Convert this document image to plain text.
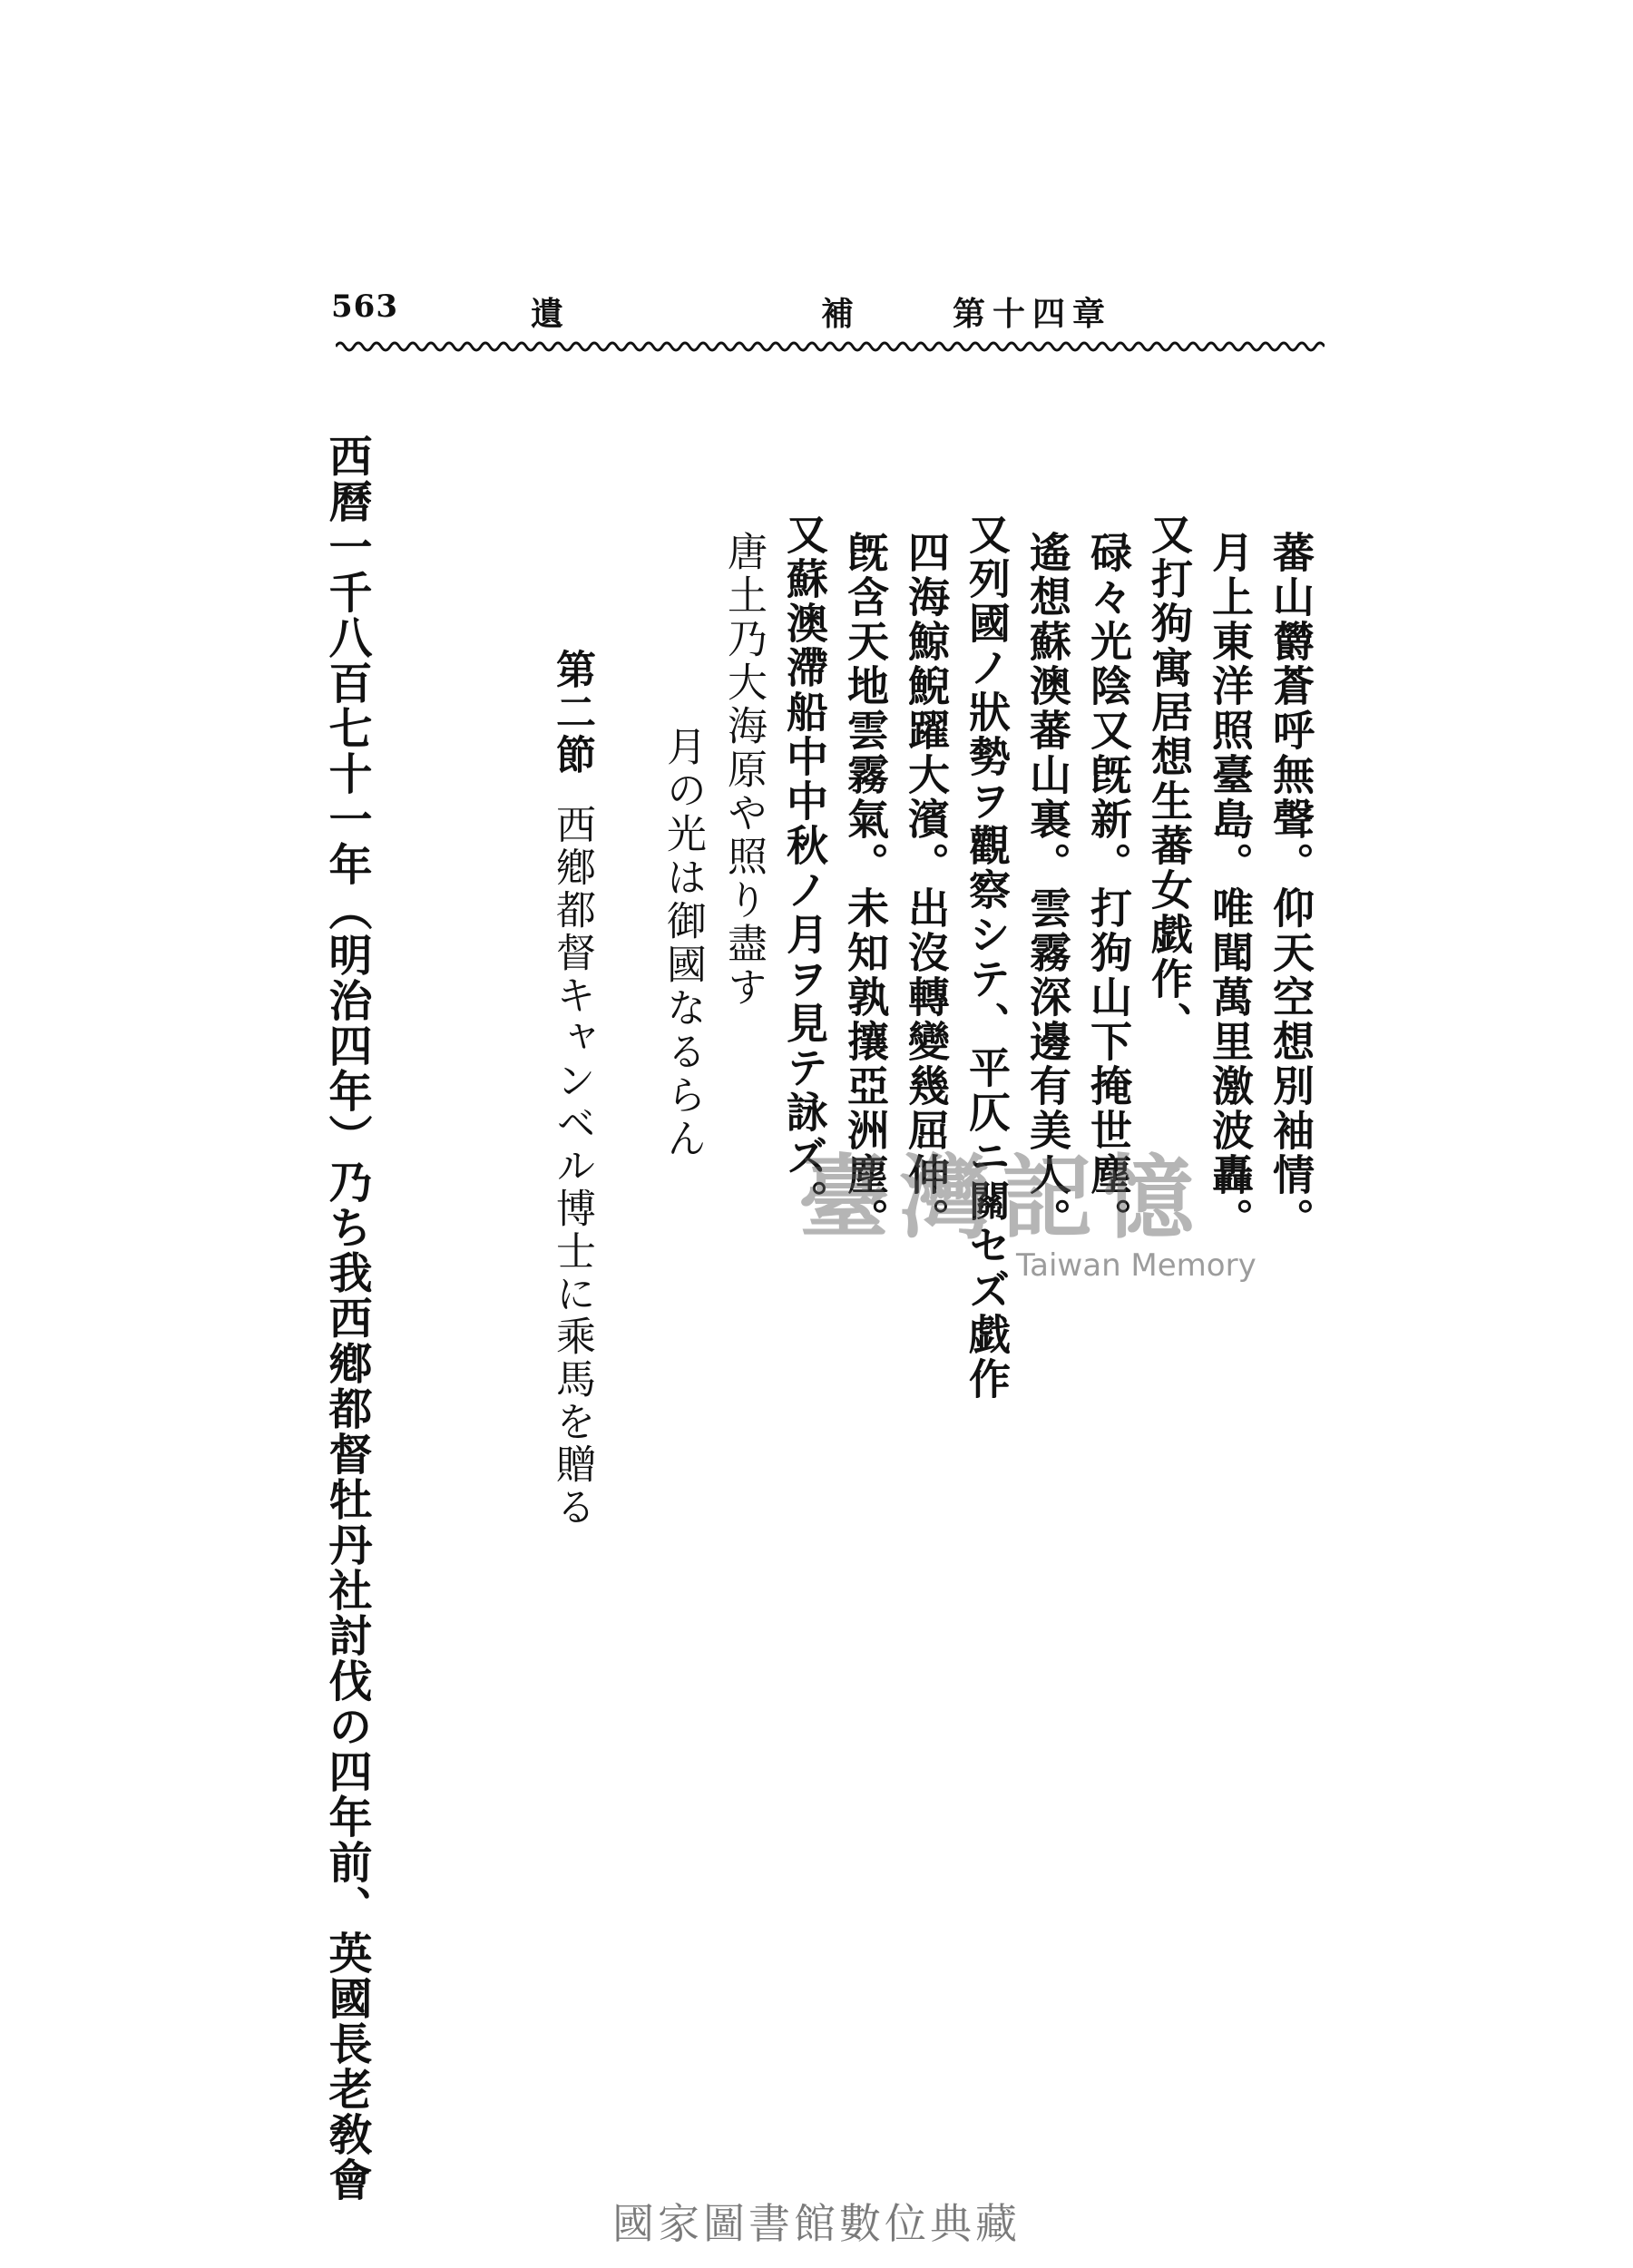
563	遺	補	第十四章
蕃山欝蒼呼無聲。仰天空想別袖情。
月上東洋照臺島。唯聞萬里激波轟。
又打狗寓居想生蕃女戯作、
碌々光陰又旣新。打狗山下掩世塵。
遙想蘇澳蕃山裏。雲霧深邊有美人。
又列國ノ狀勢ヲ觀察シテ、平仄ニ關セズ戯作
四海鯨鯢躍大濱。出沒轉變幾屈伸。
旣含天地雲霧氣。未知孰攘亞洲塵。
又蘇澳滯船中中秋ノ月ヲ見テ詠ズ。
唐土乃大海原や照り盡す
月の光は御國なるらん
第二節西鄕都督キャンベル博士に乘馬を贈る
西曆一千八百七十一年（明治四年）乃ち我西鄕都督牡丹社討伐の四年前、英國長老敎會	臺灣記憶
Taiwan Memory
國家圖書館數位典藏
